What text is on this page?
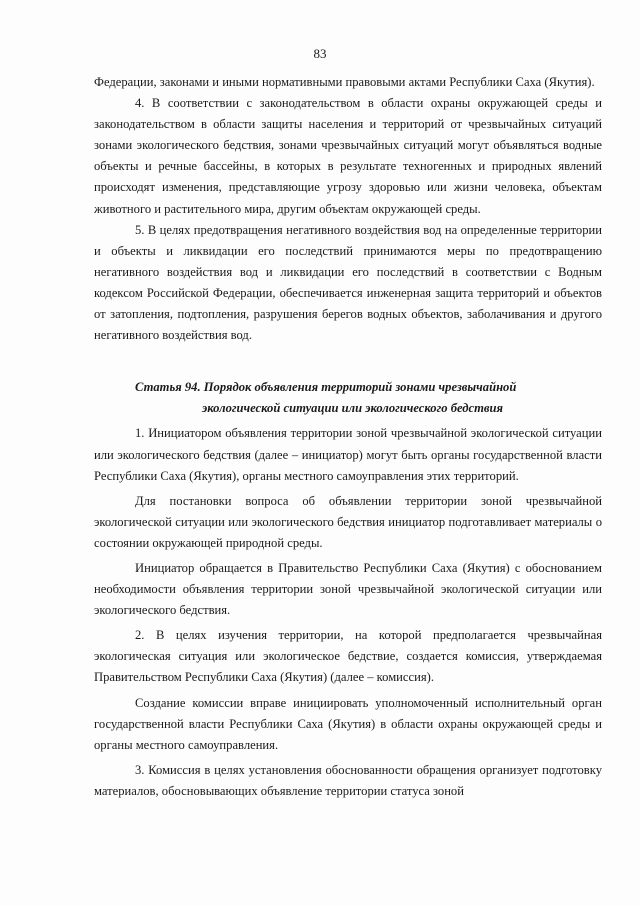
83

Федерации, законами и иными нормативными правовыми актами Республики Саха (Якутия).

4. В соответствии с законодательством в области охраны окружающей среды и законодательством в области защиты населения и территорий от чрезвычайных ситуаций зонами экологического бедствия, зонами чрезвычайных ситуаций могут объявляться водные объекты и речные бассейны, в которых в результате техногенных и природных явлений происходят изменения, представляющие угрозу здоровью или жизни человека, объектам животного и растительного мира, другим объектам окружающей среды.

5. В целях предотвращения негативного воздействия вод на определенные территории и объекты и ликвидации его последствий принимаются меры по предотвращению негативного воздействия вод и ликвидации его последствий в соответствии с Водным кодексом Российской Федерации, обеспечивается инженерная защита территорий и объектов от затопления, подтопления, разрушения берегов водных объектов, заболачивания и другого негативного воздействия вод.

Статья 94. Порядок объявления территорий зонами чрезвычайной
экологической ситуации или экологического бедствия

1. Инициатором объявления территории зоной чрезвычайной экологической ситуации или экологического бедствия (далее – инициатор) могут быть органы государственной власти Республики Саха (Якутия), органы местного самоуправления этих территорий.

Для постановки вопроса об объявлении территории зоной чрезвычайной экологической ситуации или экологического бедствия инициатор подготавливает материалы о состоянии окружающей природной среды.

Инициатор обращается в Правительство Республики Саха (Якутия) с обоснованием необходимости объявления территории зоной чрезвычайной экологической ситуации или экологического бедствия.

2. В целях изучения территории, на которой предполагается чрезвычайная экологическая ситуация или экологическое бедствие, создается комиссия, утверждаемая Правительством Республики Саха (Якутия) (далее – комиссия).

Создание комиссии вправе инициировать уполномоченный исполнительный орган государственной власти Республики Саха (Якутия) в области охраны окружающей среды и органы местного самоуправления.

3. Комиссия в целях установления обоснованности обращения организует подготовку материалов, обосновывающих объявление территории статуса зоной
